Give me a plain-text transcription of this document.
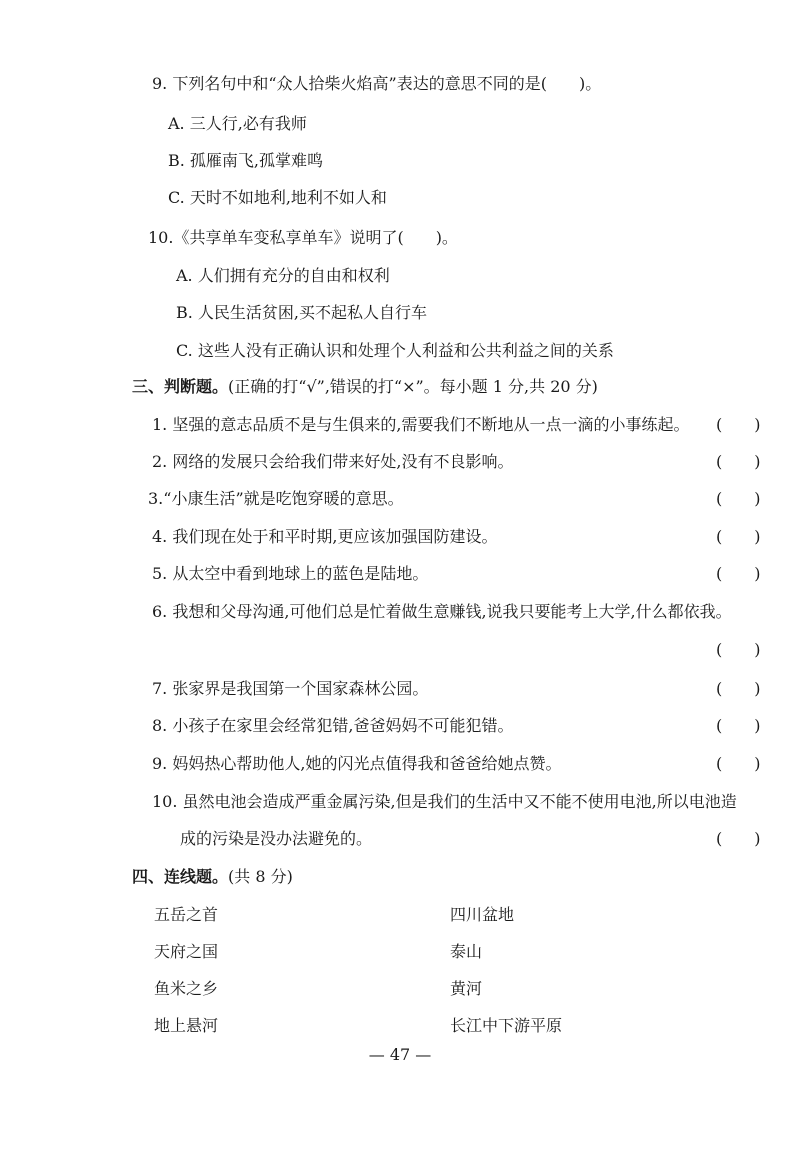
9. 下列名句中和“众人拾柴火焰高”表达的意思不同的是(　　)。
A. 三人行,必有我师
B. 孤雁南飞,孤掌难鸣
C. 天时不如地利,地利不如人和
10.《共享单车变私享单车》说明了(　　)。
A. 人们拥有充分的自由和权利
B. 人民生活贫困,买不起私人自行车
C. 这些人没有正确认识和处理个人利益和公共利益之间的关系
三、判断题。(正确的打“√”,错误的打“×”。每小题 1 分,共 20 分)
1. 坚强的意志品质不是与生俱来的,需要我们不断地从一点一滴的小事练起。 (　　)
2. 网络的发展只会给我们带来好处,没有不良影响。	(　　)
3.“小康生活”就是吃饱穿暖的意思。	(　　)
4. 我们现在处于和平时期,更应该加强国防建设。	(　　)
5. 从太空中看到地球上的蓝色是陆地。	(　　)
6. 我想和父母沟通,可他们总是忙着做生意赚钱,说我只要能考上大学,什么都依我。
(　　)
7. 张家界是我国第一个国家森林公园。	(　　)
8. 小孩子在家里会经常犯错,爸爸妈妈不可能犯错。	(　　)
9. 妈妈热心帮助他人,她的闪光点值得我和爸爸给她点赞。	(　　)
10. 虽然电池会造成严重金属污染,但是我们的生活中又不能不使用电池,所以电池造
成的污染是没办法避免的。	(　　)
四、连线题。(共 8 分)
五岳之首	四川盆地
天府之国	泰山
鱼米之乡	黄河
地上悬河	长江中下游平原
— 47 —
